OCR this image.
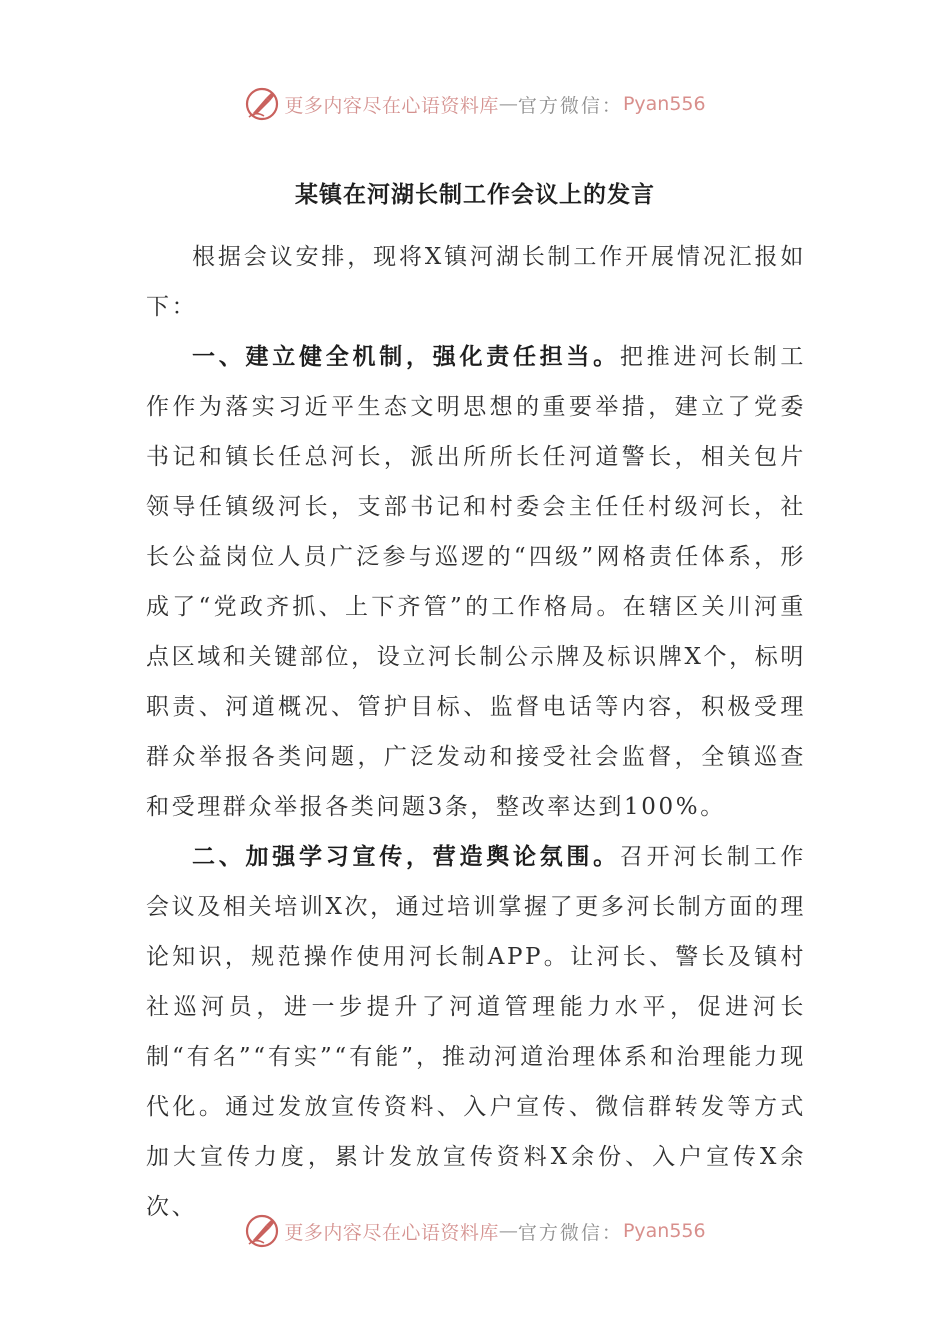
更多内容尽在心语资料库 — 官方微信： Pyan556
某镇在河湖长制工作会议上的发言

根据会议安排，现将X镇河湖长制工作开展情况汇报如下：

一、建立健全机制，强化责任担当。把推进河长制工作作为落实习近平生态文明思想的重要举措，建立了党委书记和镇长任总河长，派出所所长任河道警长，相关包片领导任镇级河长，支部书记和村委会主任任村级河长，社长公益岗位人员广泛参与巡逻的“四级”网格责任体系，形成了“党政齐抓、上下齐管”的工作格局。在辖区关川河重点区域和关键部位，设立河长制公示牌及标识牌X个，标明职责、河道概况、管护目标、监督电话等内容，积极受理群众举报各类问题，广泛发动和接受社会监督，全镇巡查和受理群众举报各类问题3条，整改率达到100%。

二、加强学习宣传，营造舆论氛围。召开河长制工作会议及相关培训X次，通过培训掌握了更多河长制方面的理论知识，规范操作使用河长制APP。让河长、警长及镇村社巡河员，进一步提升了河道管理能力水平，促进河长制“有名”“有实”“有能”，推动河道治理体系和治理能力现代化。通过发放宣传资料、入户宣传、微信群转发等方式加大宣传力度，累计发放宣传资料X余份、入户宣传X余次、

更多内容尽在心语资料库 — 官方微信： Pyan556
